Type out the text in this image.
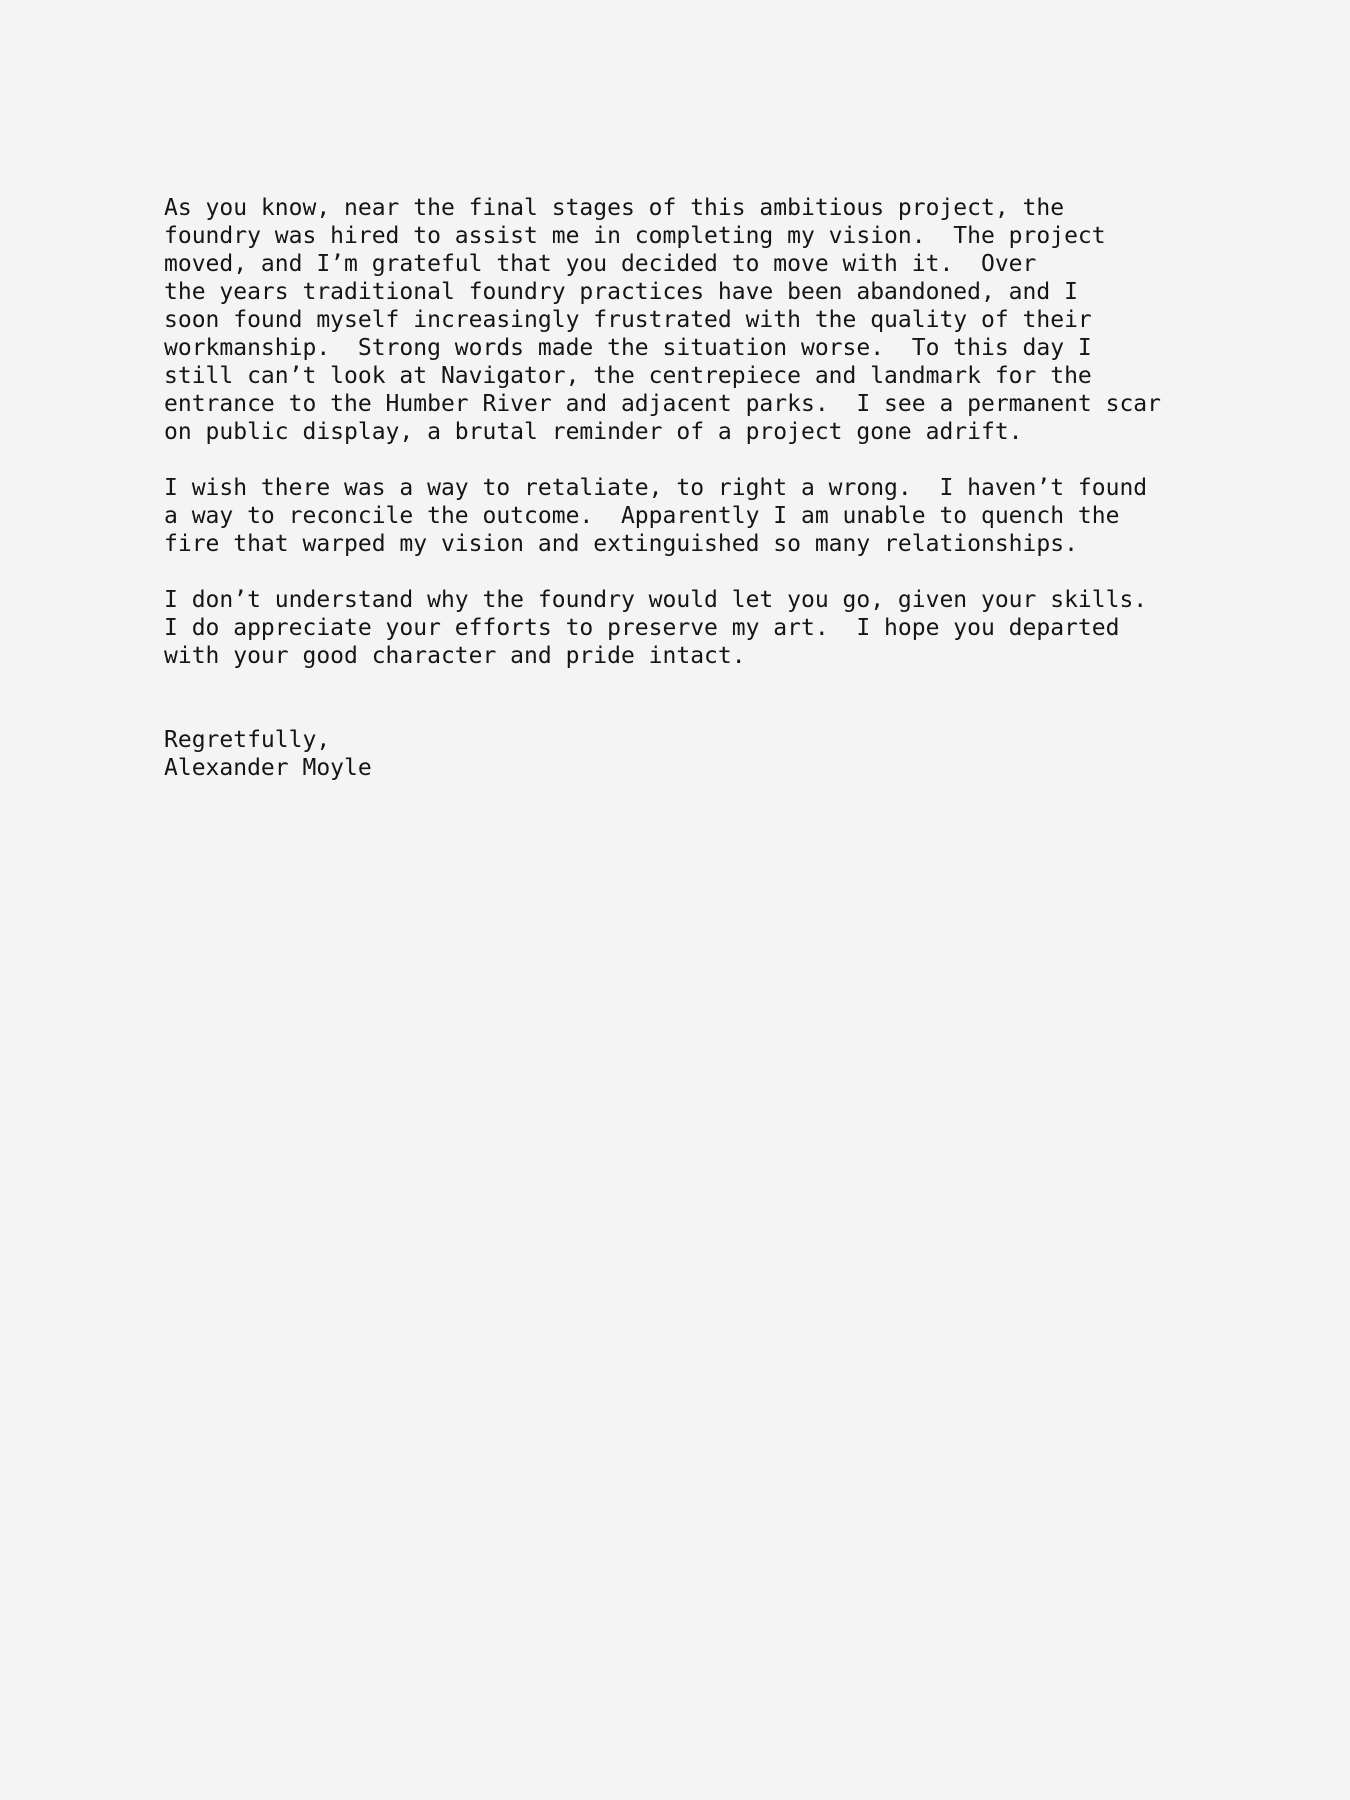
As you know, near the final stages of this ambitious project, the
foundry was hired to assist me in completing my vision.  The project
moved, and I’m grateful that you decided to move with it.  Over
the years traditional foundry practices have been abandoned, and I
soon found myself increasingly frustrated with the quality of their
workmanship.  Strong words made the situation worse.  To this day I
still can’t look at Navigator, the centrepiece and landmark for the
entrance to the Humber River and adjacent parks.  I see a permanent scar
on public display, a brutal reminder of a project gone adrift.
I wish there was a way to retaliate, to right a wrong.  I haven’t found
a way to reconcile the outcome.  Apparently I am unable to quench the
fire that warped my vision and extinguished so many relationships.
I don’t understand why the foundry would let you go, given your skills.
I do appreciate your efforts to preserve my art.  I hope you departed
with your good character and pride intact.
Regretfully,
Alexander Moyle
